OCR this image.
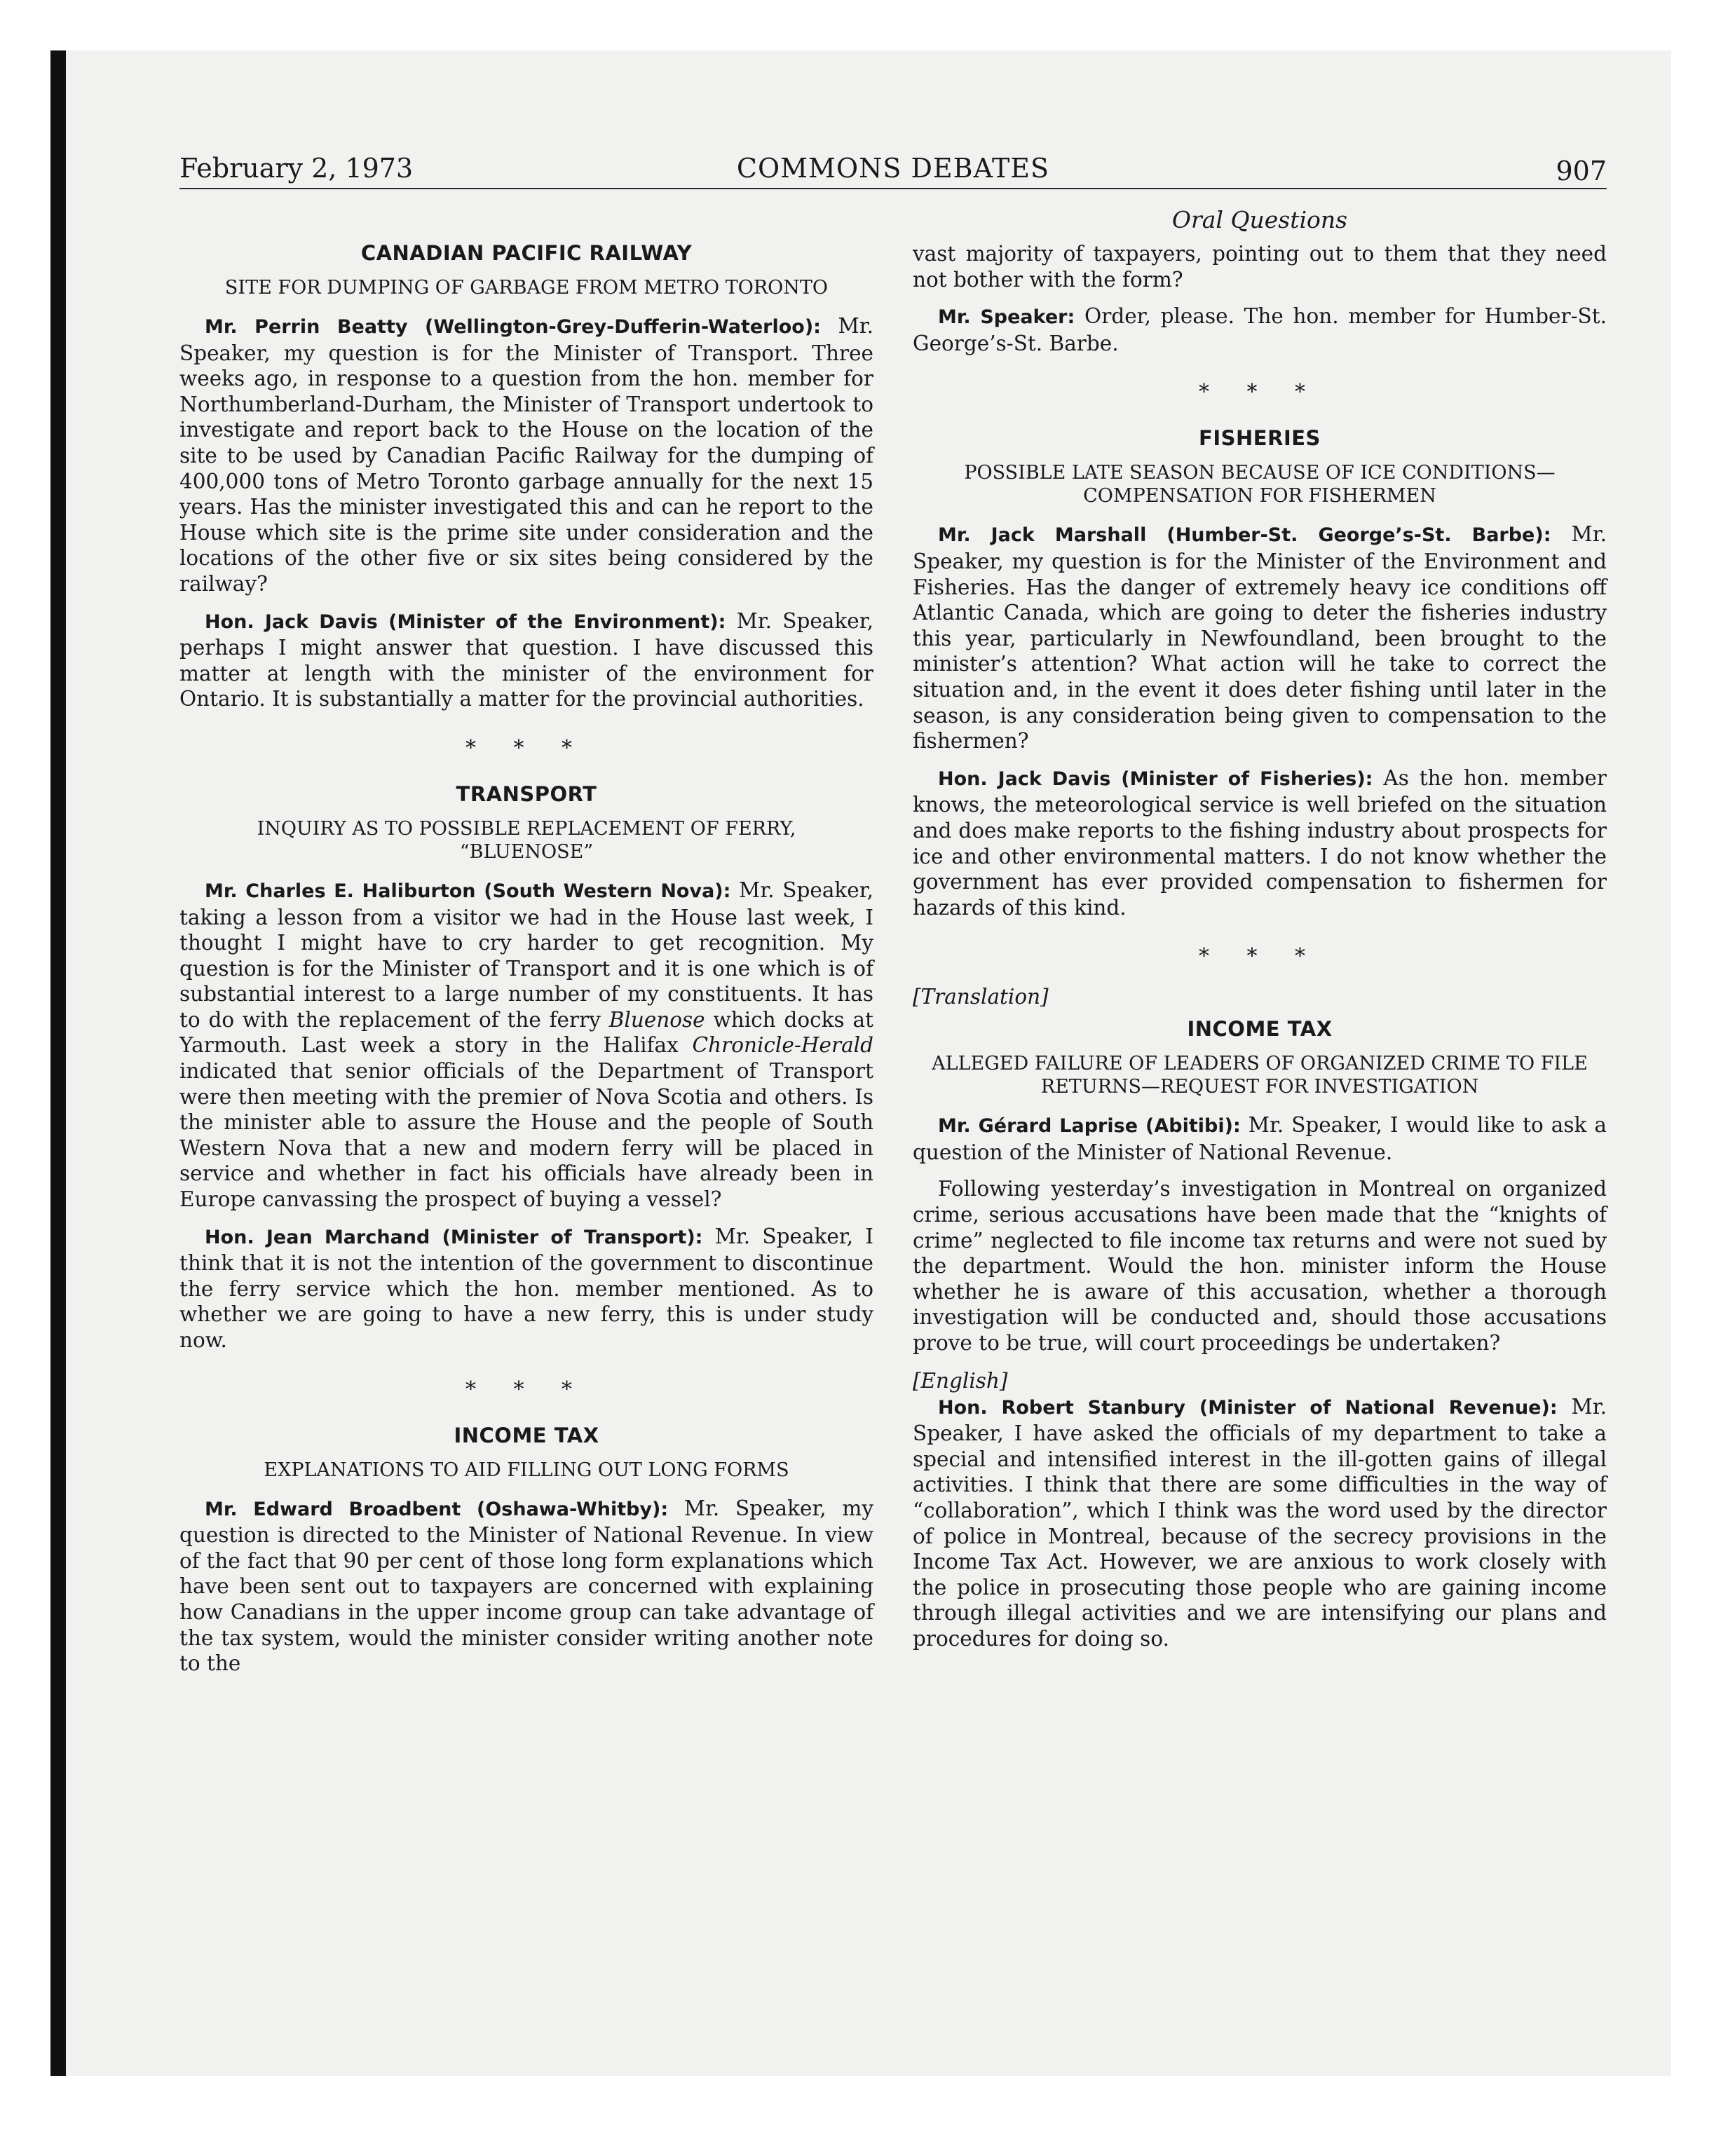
February 2, 1973	COMMONS DEBATES	907
CANADIAN PACIFIC RAILWAY
SITE FOR DUMPING OF GARBAGE FROM METRO TORONTO

Mr. Perrin Beatty (Wellington-Grey-Dufferin-Waterloo): Mr. Speaker, my question is for the Minister of Transport. Three weeks ago, in response to a question from the hon. member for Northumberland-Durham, the Minister of Transport undertook to investigate and report back to the House on the location of the site to be used by Canadian Pacific Railway for the dumping of 400,000 tons of Metro Toronto garbage annually for the next 15 years. Has the minister investigated this and can he report to the House which site is the prime site under consideration and the locations of the other five or six sites being considered by the railway?

Hon. Jack Davis (Minister of the Environment): Mr. Speaker, perhaps I might answer that question. I have discussed this matter at length with the minister of the environment for Ontario. It is substantially a matter for the provincial authorities.

* * *
TRANSPORT
INQUIRY AS TO POSSIBLE REPLACEMENT OF FERRY, “BLUENOSE”

Mr. Charles E. Haliburton (South Western Nova): Mr. Speaker, taking a lesson from a visitor we had in the House last week, I thought I might have to cry harder to get recognition. My question is for the Minister of Transport and it is one which is of substantial interest to a large number of my constituents. It has to do with the replacement of the ferry Bluenose which docks at Yarmouth. Last week a story in the Halifax Chronicle-Herald indicated that senior officials of the Department of Transport were then meeting with the premier of Nova Scotia and others. Is the minister able to assure the House and the people of South Western Nova that a new and modern ferry will be placed in service and whether in fact his officials have already been in Europe canvassing the prospect of buying a vessel?

Hon. Jean Marchand (Minister of Transport): Mr. Speaker, I think that it is not the intention of the government to discontinue the ferry service which the hon. member mentioned. As to whether we are going to have a new ferry, this is under study now.

* * *
INCOME TAX
EXPLANATIONS TO AID FILLING OUT LONG FORMS

Mr. Edward Broadbent (Oshawa-Whitby): Mr. Speaker, my question is directed to the Minister of National Revenue. In view of the fact that 90 per cent of those long form explanations which have been sent out to taxpayers are concerned with explaining how Canadians in the upper income group can take advantage of the tax system, would the minister consider writing another note to the

Oral Questions

vast majority of taxpayers, pointing out to them that they need not bother with the form?

Mr. Speaker: Order, please. The hon. member for Humber-St. George’s-St. Barbe.

* * *
FISHERIES
POSSIBLE LATE SEASON BECAUSE OF ICE CONDITIONS—COMPENSATION FOR FISHERMEN

Mr. Jack Marshall (Humber-St. George’s-St. Barbe): Mr. Speaker, my question is for the Minister of the Environment and Fisheries. Has the danger of extremely heavy ice conditions off Atlantic Canada, which are going to deter the fisheries industry this year, particularly in Newfoundland, been brought to the minister’s attention? What action will he take to correct the situation and, in the event it does deter fishing until later in the season, is any consideration being given to compensation to the fishermen?

Hon. Jack Davis (Minister of Fisheries): As the hon. member knows, the meteorological service is well briefed on the situation and does make reports to the fishing industry about prospects for ice and other environmental matters. I do not know whether the government has ever provided compensation to fishermen for hazards of this kind.

* * *
[Translation]
INCOME TAX
ALLEGED FAILURE OF LEADERS OF ORGANIZED CRIME TO FILE RETURNS—REQUEST FOR INVESTIGATION

Mr. Gérard Laprise (Abitibi): Mr. Speaker, I would like to ask a question of the Minister of National Revenue.

Following yesterday’s investigation in Montreal on organized crime, serious accusations have been made that the “knights of crime” neglected to file income tax returns and were not sued by the department. Would the hon. minister inform the House whether he is aware of this accusation, whether a thorough investigation will be conducted and, should those accusations prove to be true, will court proceedings be undertaken?

[English]

Hon. Robert Stanbury (Minister of National Revenue): Mr. Speaker, I have asked the officials of my department to take a special and intensified interest in the ill-gotten gains of illegal activities. I think that there are some difficulties in the way of “collaboration”, which I think was the word used by the director of police in Montreal, because of the secrecy provisions in the Income Tax Act. However, we are anxious to work closely with the police in prosecuting those people who are gaining income through illegal activities and we are intensifying our plans and procedures for doing so.
